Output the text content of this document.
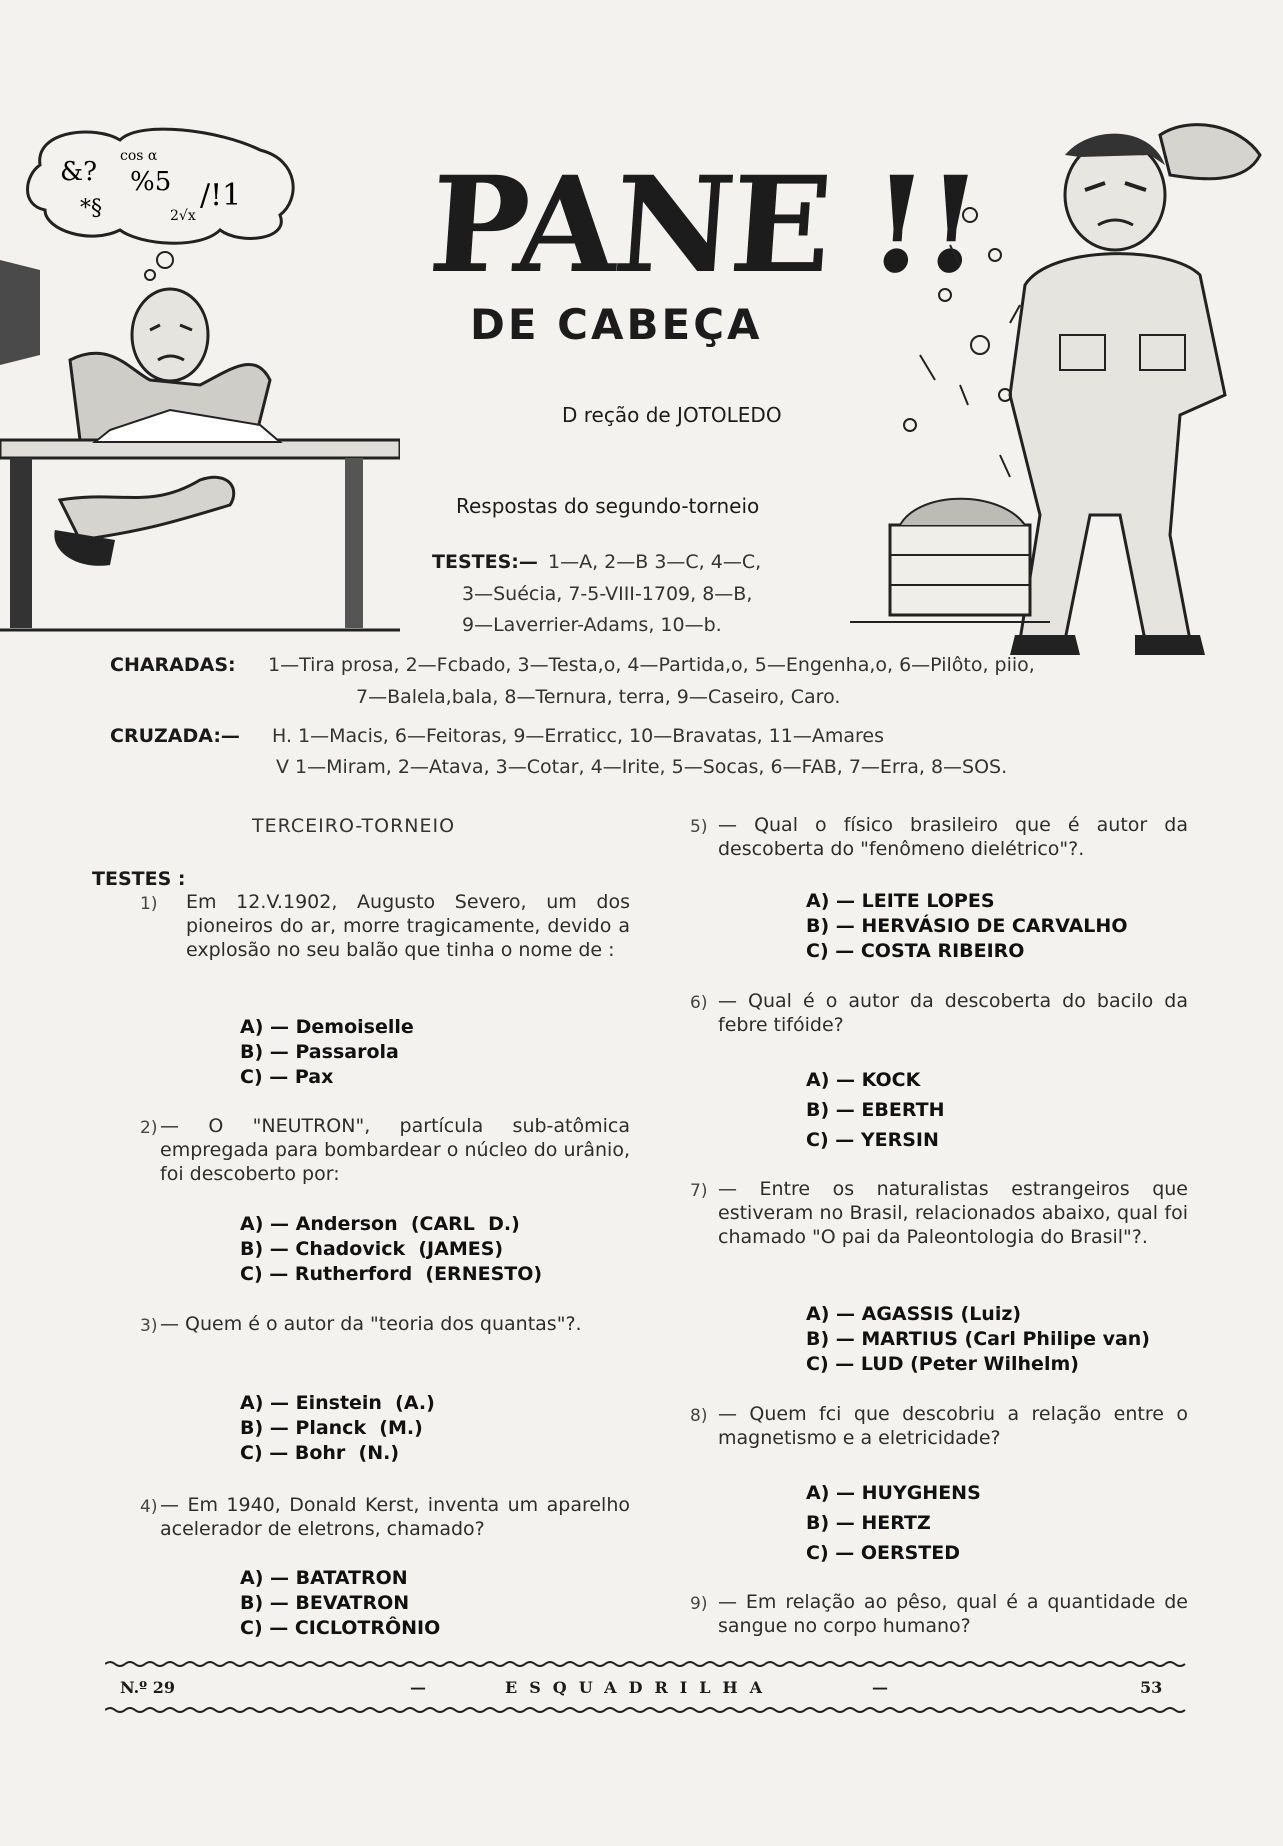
PANE !!
DE CABEÇA
D reção de JOTOLEDO
&?
cos α
%5 /!1
*§	2√x
Respostas do segundo-torneio
TESTES:— 1—A, 2—B 3—C, 4—C,
3—Suécia, 7-5-VIII-1709, 8—B,
9—Laverrier-Adams, 10—b.
CHARADAS: 1—Tira prosa, 2—Fcbado, 3—Testa,o, 4—Partida,o, 5—Engenha,o, 6—Pilôto, piio,
7—Balela,bala, 8—Ternura, terra, 9—Caseiro, Caro.
CRUZADA:— H. 1—Macis, 6—Feitoras, 9—Erraticc, 10—Bravatas, 11—Amares
V 1—Miram, 2—Atava, 3—Cotar, 4—Irite, 5—Socas, 6—FAB, 7—Erra, 8—SOS.
TERCEIRO-TORNEIO
TESTES :
1) Em 12.V.1902, Augusto Severo, um dos pioneiros do ar, morre tragicamente, devido a explosão no seu balão que tinha o nome de :
A) — Demoiselle
B) — Passarola
C) — Pax
2) — O "NEUTRON", partícula sub-atômica empregada para bombardear o núcleo do urânio, foi descoberto por:
A) — Anderson  (CARL  D.)
B) — Chadovick  (JAMES)
C) — Rutherford  (ERNESTO)
3) — Quem é o autor da "teoria dos quantas"?.
A) — Einstein  (A.)
B) — Planck  (M.)
C) — Bohr  (N.)
4) — Em 1940, Donald Kerst, inventa um aparelho acelerador de eletrons, chamado?
A) — BATATRON
B) — BEVATRON
C) — CICLOTRÔNIO
5) — Qual o físico brasileiro que é autor da descoberta do "fenômeno dielétrico"?.
A) — LEITE LOPES
B) — HERVÁSIO DE CARVALHO
C) — COSTA RIBEIRO
6) — Qual é o autor da descoberta do bacilo da febre tifóide?
A) — KOCK
B) — EBERTH
C) — YERSIN
7) — Entre os naturalistas estrangeiros que estiveram no Brasil, relacionados abaixo, qual foi chamado "O pai da Paleontologia do Brasil"?.
A) — AGASSIS (Luiz)
B) — MARTIUS (Carl Philipe van)
C) — LUD (Peter Wilhelm)
8) — Quem fci que descobriu a relação entre o magnetismo e a eletricidade?
A) — HUYGHENS
B) — HERTZ
C) — OERSTED
9) — Em relação ao pêso, qual é a quantidade de sangue no corpo humano?
N.º 29	—	ESQUADRILHA	—	53
